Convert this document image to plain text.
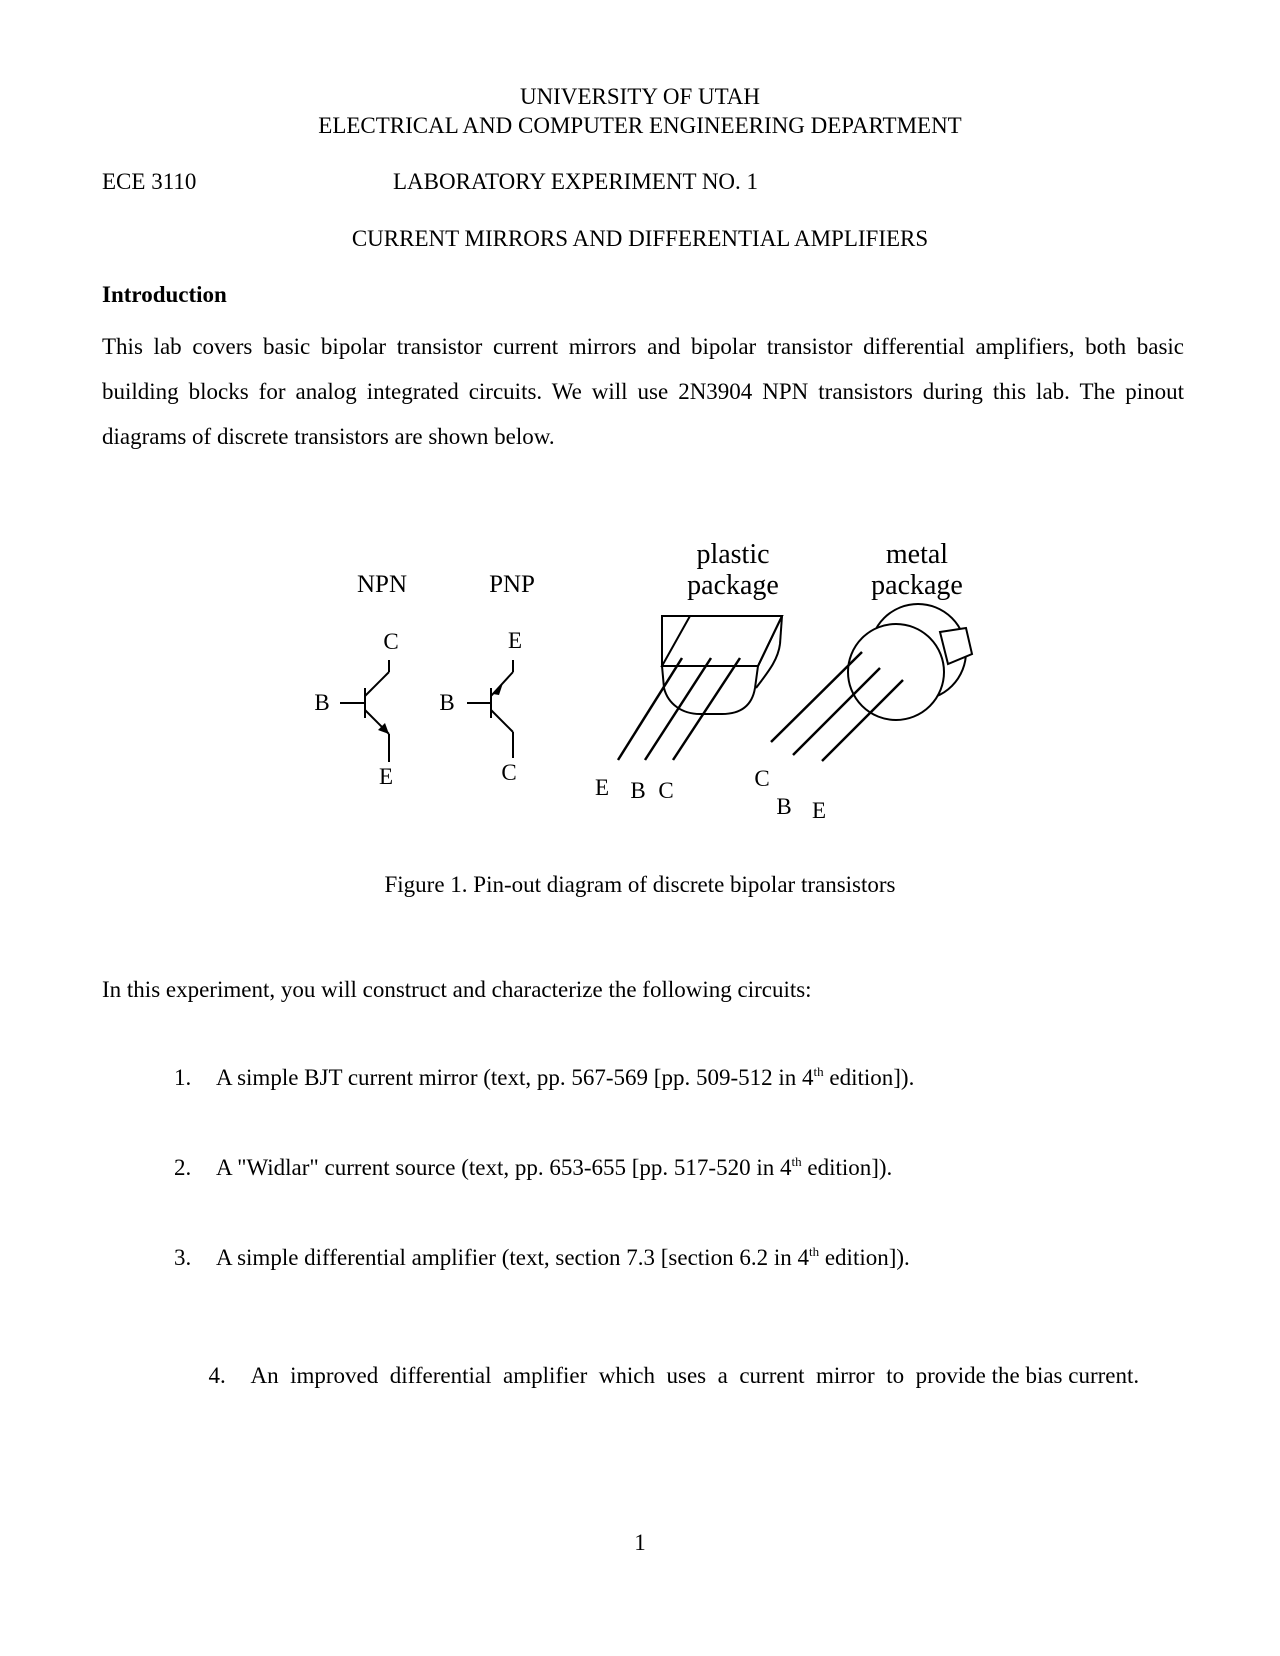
UNIVERSITY OF UTAH
ELECTRICAL AND COMPUTER ENGINEERING DEPARTMENT
ECE 3110	LABORATORY EXPERIMENT NO. 1
CURRENT MIRRORS AND DIFFERENTIAL AMPLIFIERS
Introduction
This lab covers basic bipolar transistor current mirrors and bipolar transistor differential amplifiers, both basic building blocks for analog integrated circuits. We will use 2N3904 NPN transistors during this lab. The pinout diagrams of discrete transistors are shown below.
NPN
C
B
E
PNP
E
B
C
plastic
package
E B C
metal
package
C
B E
Figure 1. Pin-out diagram of discrete bipolar transistors
In this experiment, you will construct and characterize the following circuits:
1. A simple BJT current mirror (text, pp. 567-569 [pp. 509-512 in 4th edition]).
2. A "Widlar" current source (text, pp. 653-655 [pp. 517-520 in 4th edition]).
3. A simple differential amplifier (text, section 7.3 [section 6.2 in 4th edition]).

4. An  improved  differential  amplifier  which  uses  a  current  mirror  to  provide the bias current.

1
